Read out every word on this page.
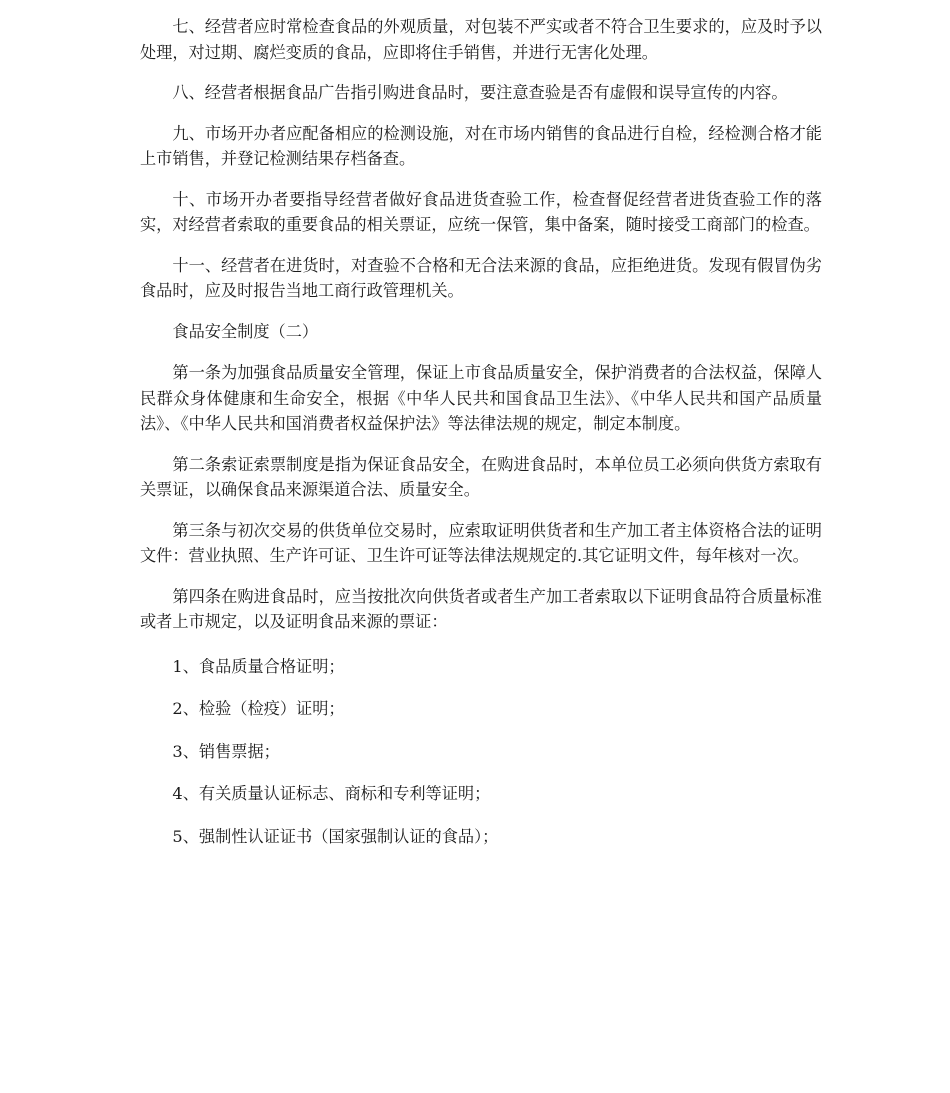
七、经营者应时常检查食品的外观质量，对包装不严实或者不符合卫生要求的，应及时予以处理，对过期、腐烂变质的食品，应即将住手销售，并进行无害化处理。

八、经营者根据食品广告指引购进食品时，要注意查验是否有虚假和误导宣传的内容。

九、市场开办者应配备相应的检测设施，对在市场内销售的食品进行自检，经检测合格才能上市销售，并登记检测结果存档备查。

十、市场开办者要指导经营者做好食品进货查验工作，检查督促经营者进货查验工作的落实，对经营者索取的重要食品的相关票证，应统一保管，集中备案，随时接受工商部门的检查。

十一、经营者在进货时，对查验不合格和无合法来源的食品，应拒绝进货。发现有假冒伪劣食品时，应及时报告当地工商行政管理机关。

食品安全制度（二）

第一条为加强食品质量安全管理，保证上市食品质量安全，保护消费者的合法权益，保障人民群众身体健康和生命安全，根据《中华人民共和国食品卫生法》、《中华人民共和国产品质量法》、《中华人民共和国消费者权益保护法》等法律法规的规定，制定本制度。

第二条索证索票制度是指为保证食品安全，在购进食品时，本单位员工必须向供货方索取有关票证，以确保食品来源渠道合法、质量安全。

第三条与初次交易的供货单位交易时，应索取证明供货者和生产加工者主体资格合法的证明文件：营业执照、生产许可证、卫生许可证等法律法规规定的.其它证明文件，每年核对一次。

第四条在购进食品时，应当按批次向供货者或者生产加工者索取以下证明食品符合质量标准或者上市规定，以及证明食品来源的票证：

1、食品质量合格证明；

2、检验（检疫）证明；

3、销售票据；

4、有关质量认证标志、商标和专利等证明；

5、强制性认证证书（国家强制认证的食品）；
